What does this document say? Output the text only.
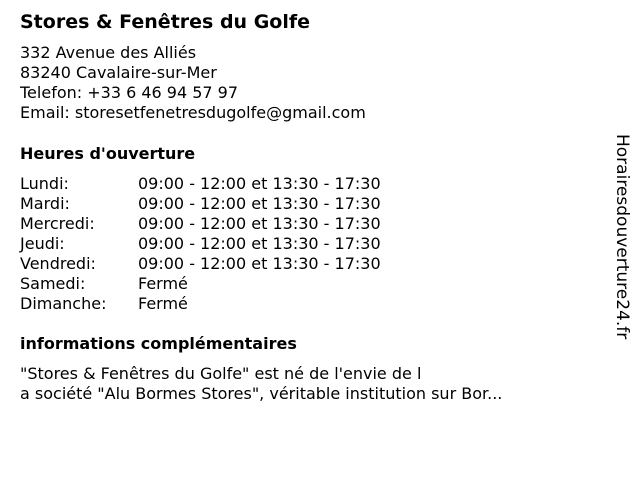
Stores & Fenêtres du Golfe
332 Avenue des Alliés
83240 Cavalaire-sur-Mer
Telefon: +33 6 46 94 57 97
Email: storesetfenetresdugolfe@gmail.com
Heures d'ouverture
Lundi:	09:00 - 12:00 et 13:30 - 17:30
Mardi:	09:00 - 12:00 et 13:30 - 17:30
Mercredi:	09:00 - 12:00 et 13:30 - 17:30
Jeudi:	09:00 - 12:00 et 13:30 - 17:30
Vendredi:	09:00 - 12:00 et 13:30 - 17:30
Samedi:	Fermé
Dimanche:	Fermé
informations complémentaires
"Stores & Fenêtres du Golfe" est né de l'envie de l
a société "Alu Bormes Stores", véritable institution sur Bor...
Horairesdouverture24.fr
